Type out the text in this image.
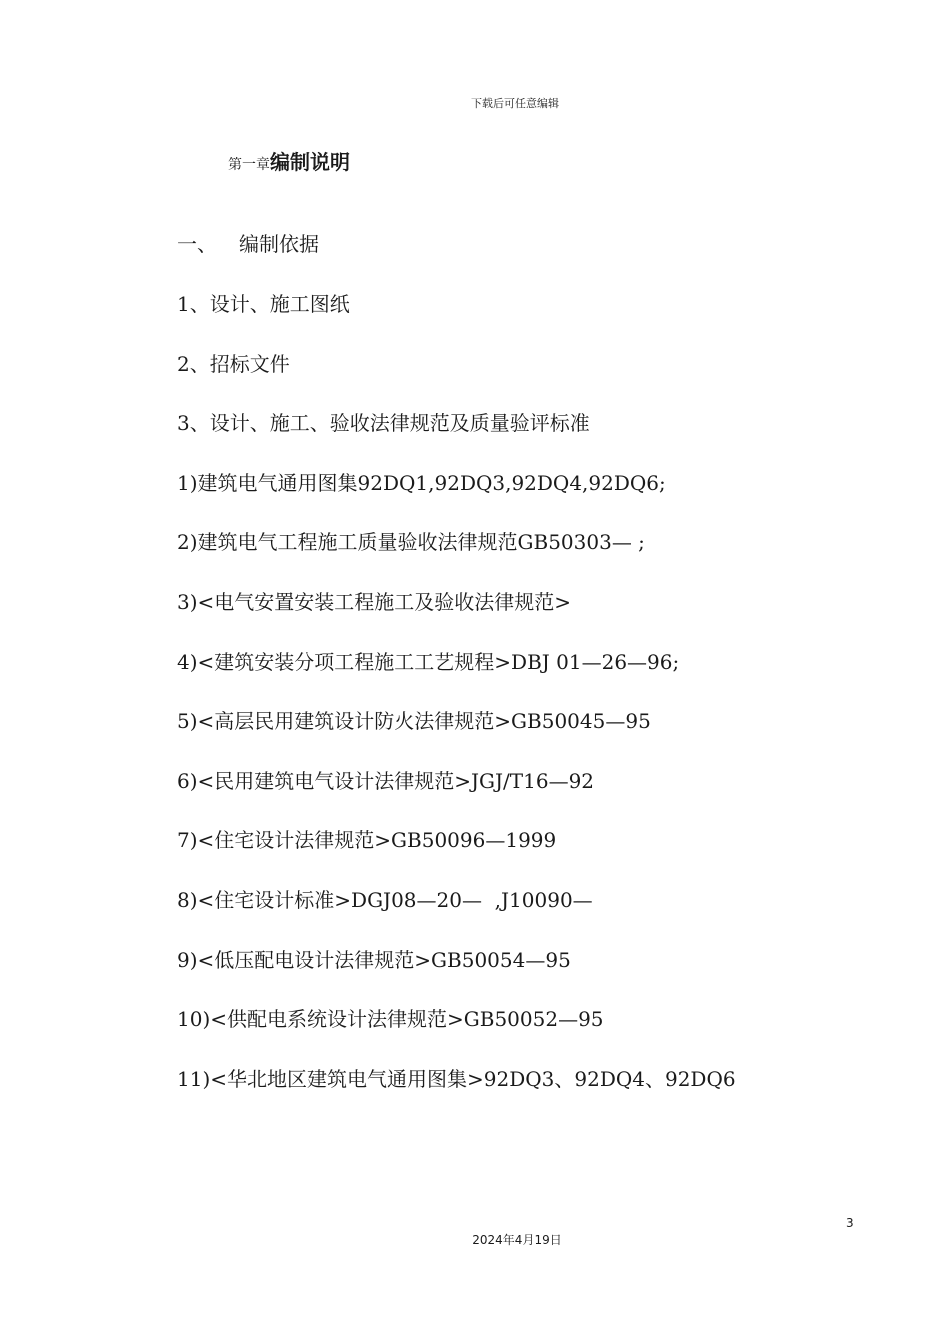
下载后可任意编辑
第一章编制说明
一、 编制依据
1、设计、施工图纸
2、招标文件
3、设计、施工、验收法律规范及质量验评标准
1)建筑电气通用图集92DQ1,92DQ3,92DQ4,92DQ6;
2)建筑电气工程施工质量验收法律规范GB50303— ;
3)<电气安置安装工程施工及验收法律规范>
4)<建筑安装分项工程施工工艺规程>DBJ 01—26—96;
5)<高层民用建筑设计防火法律规范>GB50045—95
6)<民用建筑电气设计法律规范>JGJ/T16—92
7)<住宅设计法律规范>GB50096—1999
8)<住宅设计标准>DGJ08—20—  ,J10090—
9)<低压配电设计法律规范>GB50054—95
10)<供配电系统设计法律规范>GB50052—95
11)<华北地区建筑电气通用图集>92DQ3、92DQ4、92DQ6
3
2024年4月19日
